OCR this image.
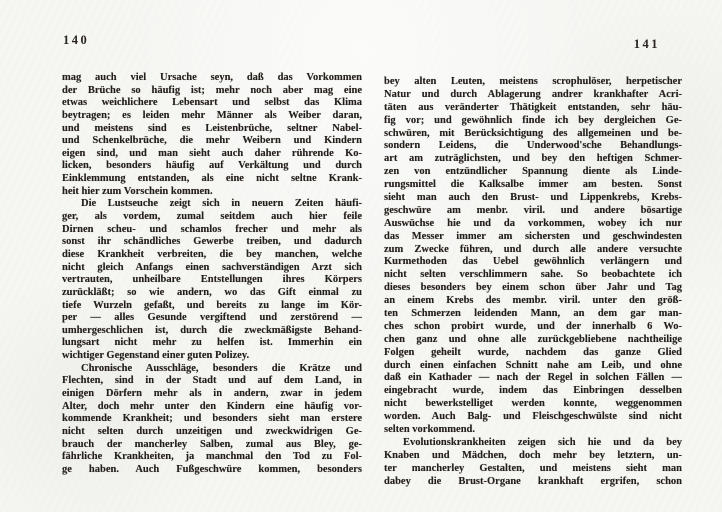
140	141
mag auch viel Ursache seyn, daß das Vorkommen
der Brüche so häufig ist; mehr noch aber mag eine
etwas weichlichere Lebensart und selbst das Klima
beytragen; es leiden mehr Männer als Weiber daran,
und meistens sind es Leistenbrüche, seltner Nabel-
und Schenkelbrüche, die mehr Weibern und Kindern
eigen sind, und man sieht auch daher rührende Ko-
licken, besonders häufig auf Verkältung und durch
Einklemmung entstanden, als eine nicht seltne Krank-
heit hier zum Vorschein kommen.
Die Lustseuche zeigt sich in neuern Zeiten häufi-
ger, als vordem, zumal seitdem auch hier feile
Dirnen scheu- und schamlos frecher und mehr als
sonst ihr schändliches Gewerbe treiben, und dadurch
diese Krankheit verbreiten, die bey manchen, welche
nicht gleich Anfangs einen sachverständigen Arzt sich
vertrauten, unheilbare Entstellungen ihres Körpers
zurückläßt; so wie andern, wo das Gift einmal zu
tiefe Wurzeln gefaßt, und bereits zu lange im Kör-
per — alles Gesunde vergiftend und zerstörend —
umhergeschlichen ist, durch die zweckmäßigste Behand-
lungsart nicht mehr zu helfen ist. Immerhin ein
wichtiger Gegenstand einer guten Polizey.
Chronische Ausschläge, besonders die Krätze und
Flechten, sind in der Stadt und auf dem Land, in
einigen Dörfern mehr als in andern, zwar in jedem
Alter, doch mehr unter den Kindern eine häufig vor-
kommende Krankheit; und besonders sieht man erstere
nicht selten durch unzeitigen und zweckwidrigen Ge-
brauch der mancherley Salben, zumal aus Bley, ge-
fährliche Krankheiten, ja manchmal den Tod zu Fol-
ge haben. Auch Fußgeschwüre kommen, besonders
bey alten Leuten, meistens scrophulöser, herpetischer
Natur und durch Ablagerung andrer krankhafter Acri-
täten aus veränderter Thätigkeit entstanden, sehr häu-
fig vor; und gewöhnlich finde ich bey dergleichen Ge-
schwüren, mit Berücksichtigung des allgemeinen und be-
sondern Leidens, die Underwood'sche Behandlungs-
art am zuträglichsten, und bey den heftigen Schmer-
zen von entzündlicher Spannung diente als Linde-
rungsmittel die Kalksalbe immer am besten. Sonst
sieht man auch den Brust- und Lippenkrebs, Krebs-
geschwüre am menbr. viril. und andere bösartige
Auswüchse hie und da vorkommen, wobey ich nur
das Messer immer am sichersten und geschwindesten
zum Zwecke führen, und durch alle andere versuchte
Kurmethoden das Uebel gewöhnlich verlängern und
nicht selten verschlimmern sahe. So beobachtete ich
dieses besonders bey einem schon über Jahr und Tag
an einem Krebs des membr. viril. unter den größ-
ten Schmerzen leidenden Mann, an dem gar man-
ches schon probirt wurde, und der innerhalb 6 Wo-
chen ganz und ohne alle zurückgebliebene nachtheilige
Folgen geheilt wurde, nachdem das ganze Glied
durch einen einfachen Schnitt nahe am Leib, und ohne
daß ein Kathader — nach der Regel in solchen Fällen —
eingebracht wurde, indem das Einbringen desselben
nicht bewerkstelliget werden konnte, weggenommen
worden. Auch Balg- und Fleischgeschwülste sind nicht
selten vorkommend.
Evolutionskrankheiten zeigen sich hie und da bey
Knaben und Mädchen, doch mehr bey letztern, un-
ter mancherley Gestalten, und meistens sieht man
dabey die Brust-Organe krankhaft ergrifen, schon
